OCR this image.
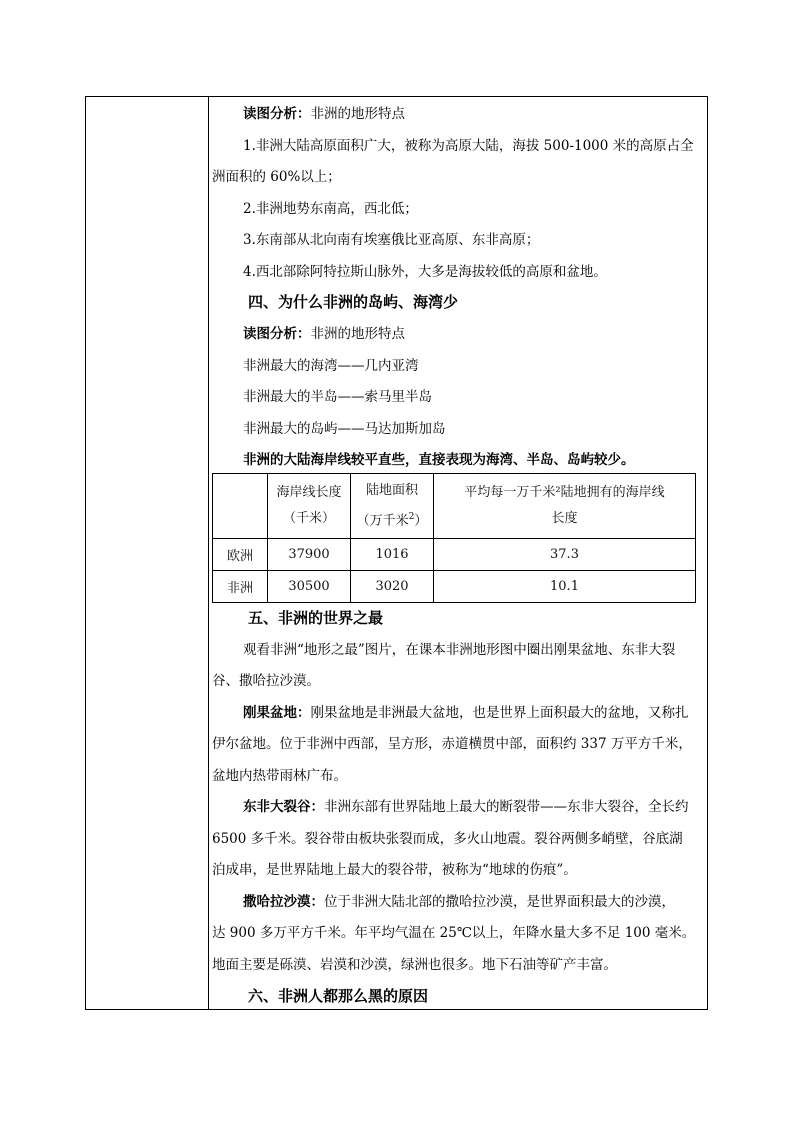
读图分析：非洲的地形特点
1.非洲大陆高原面积广大，被称为高原大陆，海拔 500-1000 米的高原占全
洲面积的 60%以上；
2.非洲地势东南高，西北低；
3.东南部从北向南有埃塞俄比亚高原、东非高原；
4.西北部除阿特拉斯山脉外，大多是海拔较低的高原和盆地。
四、为什么非洲的岛屿、海湾少
读图分析：非洲的地形特点
非洲最大的海湾——几内亚湾
非洲最大的半岛——索马里半岛
非洲最大的岛屿——马达加斯加岛
非洲的大陆海岸线较平直些，直接表现为海湾、半岛、岛屿较少。
	海岸线长度
（千米）	陆地面积
（万千米$^2$）	平均每一万千米²陆地拥有的海岸线
长度
欧洲	37900	1016	37.3
非洲	30500	3020	10.1
五、非洲的世界之最
观看非洲“地形之最”图片，在课本非洲地形图中圈出刚果盆地、东非大裂
谷、撒哈拉沙漠。
刚果盆地：刚果盆地是非洲最大盆地，也是世界上面积最大的盆地，又称扎
伊尔盆地。位于非洲中西部，呈方形，赤道横贯中部，面积约 337 万平方千米，
盆地内热带雨林广布。
东非大裂谷：非洲东部有世界陆地上最大的断裂带——东非大裂谷，全长约
6500 多千米。裂谷带由板块张裂而成，多火山地震。裂谷两侧多峭壁，谷底湖
泊成串，是世界陆地上最大的裂谷带，被称为“地球的伤痕”。
撒哈拉沙漠：位于非洲大陆北部的撒哈拉沙漠，是世界面积最大的沙漠，
达 900 多万平方千米。年平均气温在 25℃以上，年降水量大多不足 100 毫米。
地面主要是砾漠、岩漠和沙漠，绿洲也很多。地下石油等矿产丰富。
六、非洲人都那么黑的原因
